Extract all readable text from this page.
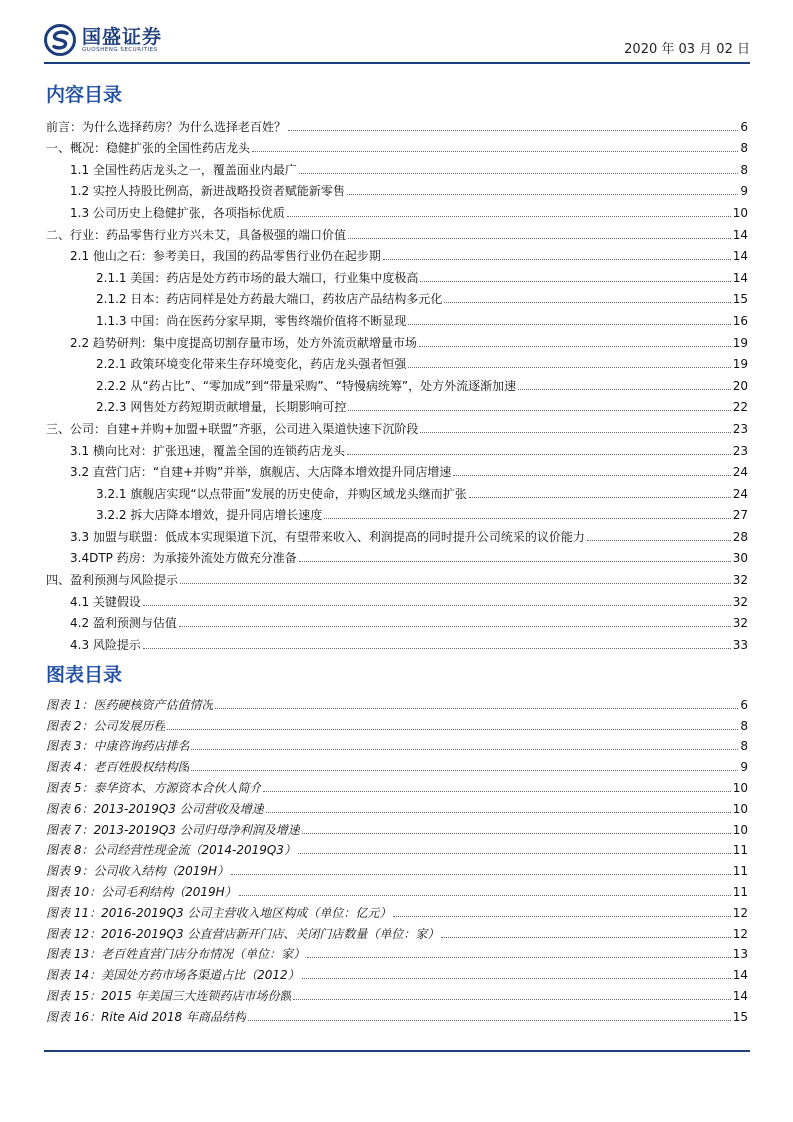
国盛证券
GUOSHENG SECURITIES	2020 年 03 月 02 日
内容目录
前言：为什么选择药房？为什么选择老百姓？	6
一、概况：稳健扩张的全国性药店龙头	8
1.1 全国性药店龙头之一，覆盖面业内最广	8
1.2 实控人持股比例高，新进战略投资者赋能新零售	9
1.3 公司历史上稳健扩张，各项指标优质	10
二、行业：药品零售行业方兴未艾，具备极强的端口价值	14
2.1 他山之石：参考美日，我国的药品零售行业仍在起步期	14
2.1.1 美国：药店是处方药市场的最大端口，行业集中度极高	14
2.1.2 日本：药店同样是处方药最大端口，药妆店产品结构多元化	15
1.1.3 中国：尚在医药分家早期，零售终端价值将不断显现	16
2.2 趋势研判：集中度提高切割存量市场，处方外流贡献增量市场	19
2.2.1 政策环境变化带来生存环境变化，药店龙头强者恒强	19
2.2.2 从“药占比”、“零加成”到“带量采购”、“特慢病统筹”，处方外流逐渐加速	20
2.2.3 网售处方药短期贡献增量，长期影响可控	22
三、公司：自建+并购+加盟+联盟”齐驱，公司进入渠道快速下沉阶段	23
3.1 横向比对：扩张迅速，覆盖全国的连锁药店龙头	23
3.2 直营门店：“自建+并购”并举，旗舰店、大店降本增效提升同店增速	24
3.2.1 旗舰店实现“以点带面”发展的历史使命，并购区域龙头继而扩张	24
3.2.2 拆大店降本增效，提升同店增长速度	27
3.3 加盟与联盟：低成本实现渠道下沉，有望带来收入、利润提高的同时提升公司统采的议价能力	28
3.4DTP 药房：为承接外流处方做充分准备	30
四、盈利预测与风险提示	32
4.1 关键假设	32
4.2 盈利预测与估值	32
4.3 风险提示	33
图表目录
图表 1：医药硬核资产估值情况	6
图表 2：公司发展历程	8
图表 3：中康咨询药店排名	8
图表 4：老百姓股权结构图	9
图表 5：泰华资本、方源资本合伙人简介	10
图表 6：2013-2019Q3 公司营收及增速	10
图表 7：2013-2019Q3 公司归母净利润及增速	10
图表 8：公司经营性现金流（2014-2019Q3）	11
图表 9：公司收入结构（2019H）	11
图表 10：公司毛利结构（2019H）	11
图表 11：2016-2019Q3 公司主营收入地区构成（单位：亿元）	12
图表 12：2016-2019Q3 公直营店新开门店、关闭门店数量（单位：家）	12
图表 13：老百姓直营门店分布情况（单位：家）	13
图表 14：美国处方药市场各渠道占比（2012）	14
图表 15：2015 年美国三大连锁药店市场份额	14
图表 16：Rite Aid 2018 年商品结构	15
